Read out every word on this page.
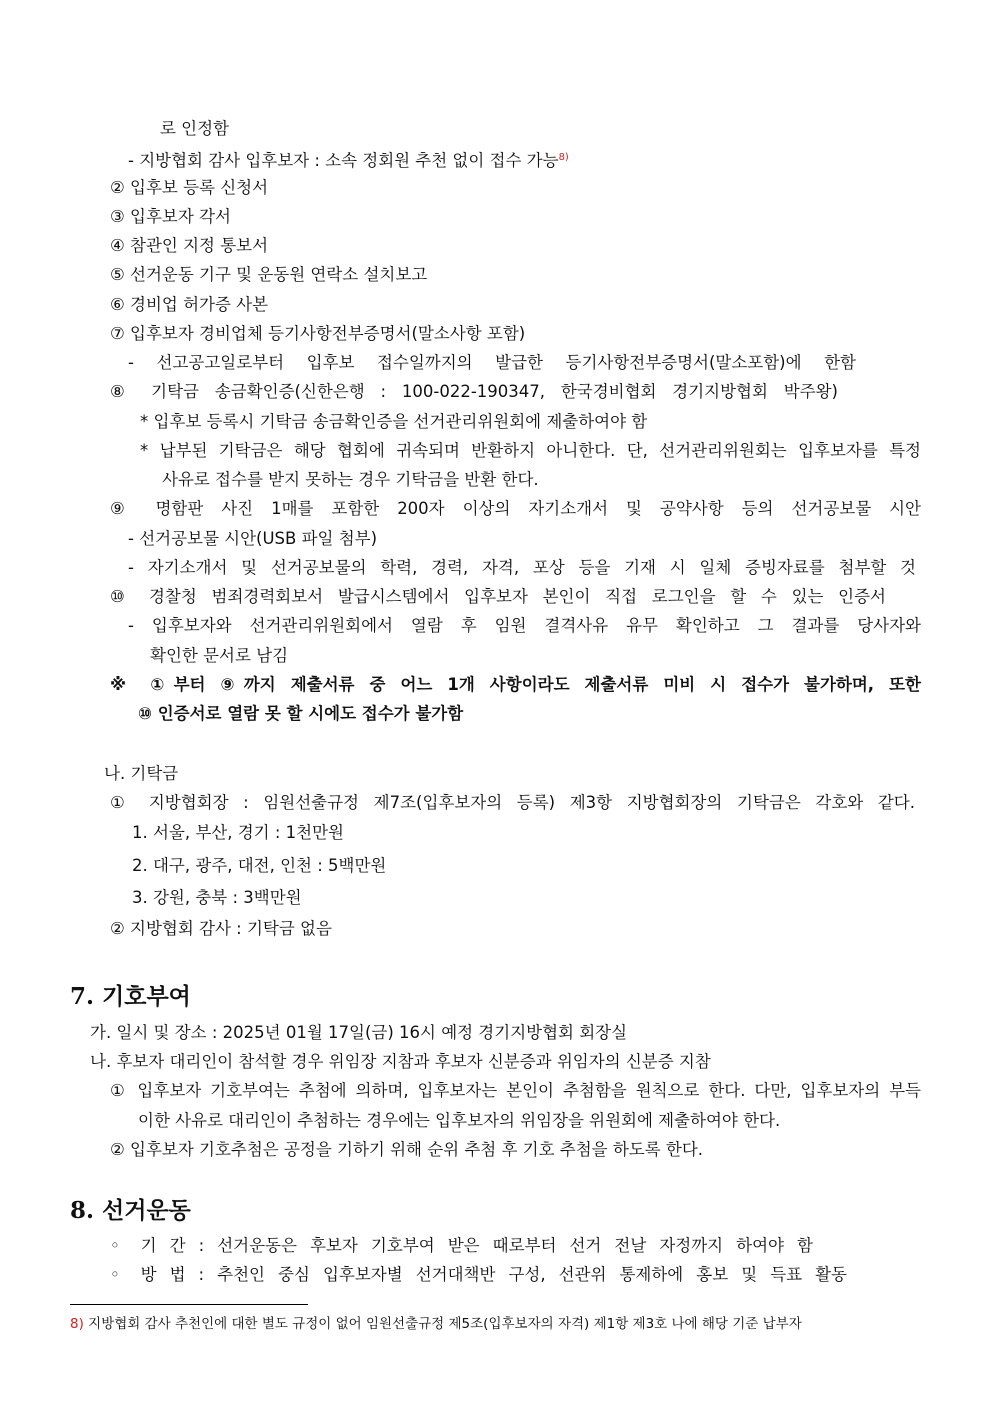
로 인정함
- 지방협회 감사 입후보자 : 소속 정회원 추천 없이 접수 가능$^{8)}$
② 입후보 등록 신청서
③ 입후보자 각서
④ 참관인 지정 통보서
⑤ 선거운동 기구 및 운동원 연락소 설치보고
⑥ 경비업 허가증 사본
⑦ 입후보자 경비업체 등기사항전부증명서(말소사항 포함)
- 선고공고일로부터 입후보 접수일까지의 발급한 등기사항전부증명서(말소포함)에 한함
⑧ 기탁금 송금확인증(신한은행 : 100-022-190347, 한국경비협회 경기지방협회 박주왕)
* 입후보 등록시 기탁금 송금확인증을 선거관리위원회에 제출하여야 함
* 납부된 기탁금은 해당 협회에 귀속되며 반환하지 아니한다. 단, 선거관리위원회는 입후보자를 특정
사유로 접수를 받지 못하는 경우 기탁금을 반환 한다.
⑨ 명함판 사진 1매를 포함한 200자 이상의 자기소개서 및 공약사항 등의 선거공보물 시안
- 선거공보물 시안(USB 파일 첨부)
- 자기소개서 및 선거공보물의 학력, 경력, 자격, 포상 등을 기재 시 일체 증빙자료를 첨부할 것
⑩ 경찰청 범죄경력회보서 발급시스템에서 입후보자 본인이 직접 로그인을 할 수 있는 인증서
- 입후보자와 선거관리위원회에서 열람 후 임원 결격사유 유무 확인하고 그 결과를 당사자와
확인한 문서로 남김
※ ①부터 ⑨까지 제출서류 중 어느 1개 사항이라도 제출서류 미비 시 접수가 불가하며, 또한
⑩ 인증서로 열람 못 할 시에도 접수가 불가함
나. 기탁금
① 지방협회장 : 임원선출규정 제7조(입후보자의 등록) 제3항 지방협회장의 기탁금은 각호와 같다.
1. 서울, 부산, 경기 : 1천만원
2. 대구, 광주, 대전, 인천 : 5백만원
3. 강원, 충북 : 3백만원
② 지방협회 감사 : 기탁금 없음
7. 기호부여
가. 일시 및 장소 : 2025년 01월 17일(금) 16시 예정 경기지방협회 회장실
나. 후보자 대리인이 참석할 경우 위임장 지참과 후보자 신분증과 위임자의 신분증 지참
① 입후보자 기호부여는 추첨에 의하며, 입후보자는 본인이 추첨함을 원칙으로 한다. 다만, 입후보자의 부득
이한 사유로 대리인이 추첨하는 경우에는 입후보자의 위임장을 위원회에 제출하여야 한다.
② 입후보자 기호추첨은 공정을 기하기 위해 순위 추첨 후 기호 추첨을 하도록 한다.
8. 선거운동
◦ 기 간 : 선거운동은 후보자 기호부여 받은 때로부터 선거 전날 자정까지 하여야 함
◦ 방 법 : 추천인 중심 입후보자별 선거대책반 구성, 선관위 통제하에 홍보 및 득표 활동
8) 지방협회 감사 추천인에 대한 별도 규정이 없어 임원선출규정 제5조(입후보자의 자격) 제1항 제3호 나에 해당 기준 납부자
